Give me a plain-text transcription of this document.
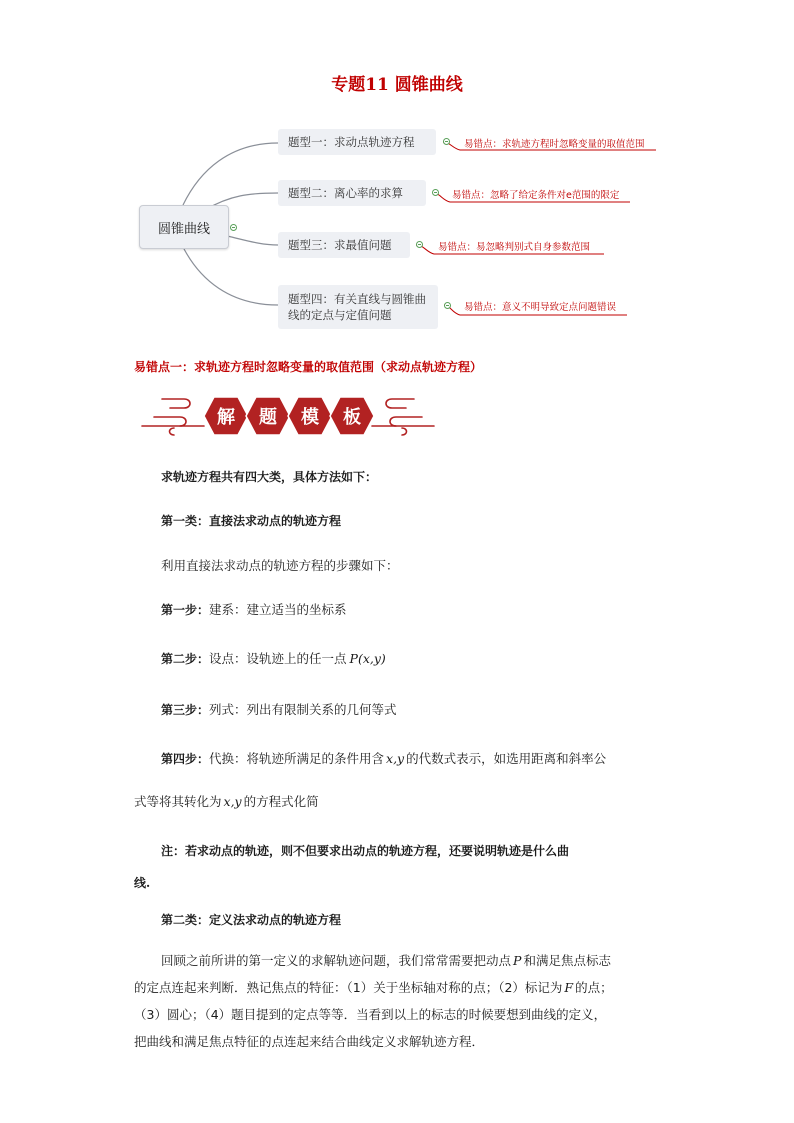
专题11 圆锥曲线
圆锥曲线
题型一：求动点轨迹方程	易错点：求轨迹方程时忽略变量的取值范围
题型二：离心率的求算	易错点：忽略了给定条件对e范围的限定
题型三：求最值问题	易错点：易忽略判别式自身参数范围
题型四：有关直线与圆锥曲线的定点与定值问题
易错点：意义不明导致定点问题错误
易错点一：求轨迹方程时忽略变量的取值范围（求动点轨迹方程）
解 题 模 板
求轨迹方程共有四大类，具体方法如下：
第一类：直接法求动点的轨迹方程
利用直接法求动点的轨迹方程的步骤如下：
第一步：建系：建立适当的坐标系
第二步：设点：设轨迹上的任一点 P(x,y)
第三步：列式：列出有限制关系的几何等式
第四步：代换：将轨迹所满足的条件用含 x,y 的代数式表示，如选用距离和斜率公
式等将其转化为 x,y 的方程式化简
注：若求动点的轨迹，则不但要求出动点的轨迹方程，还要说明轨迹是什么曲
线.
第二类：定义法求动点的轨迹方程
回顾之前所讲的第一定义的求解轨迹问题，我们常常需要把动点 P 和满足焦点标志
的定点连起来判断．熟记焦点的特征：（1）关于坐标轴对称的点；（2）标记为 F 的点；
（3）圆心；（4）题目提到的定点等等．当看到以上的标志的时候要想到曲线的定义，
把曲线和满足焦点特征的点连起来结合曲线定义求解轨迹方程．
